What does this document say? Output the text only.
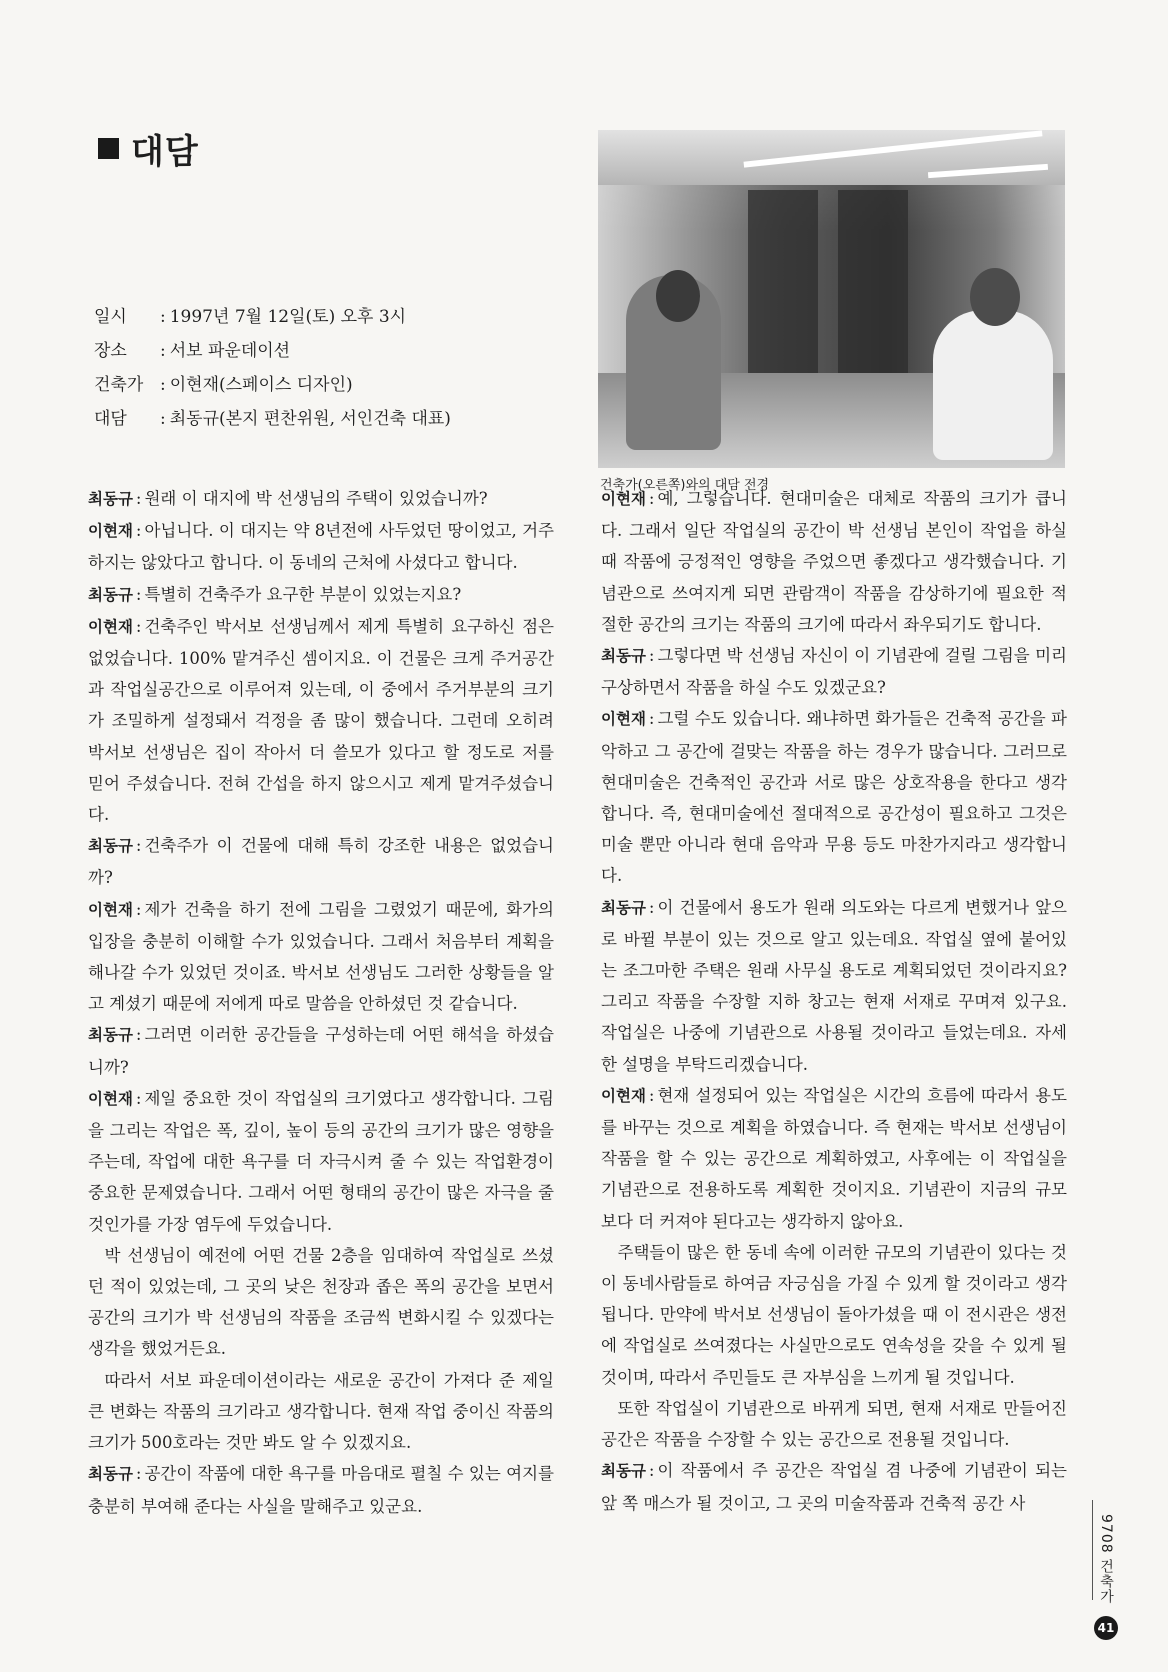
대담
일시	: 1997년 7월 12일(토) 오후 3시
장소	: 서보 파운데이션
건축가 : 이현재(스페이스 디자인)
대담	: 최동규(본지 편찬위원, 서인건축 대표)

건축가(오른쪽)와의 대담 전경

최동규 : 원래 이 대지에 박 선생님의 주택이 있었습니까?

이현재 : 아닙니다. 이 대지는 약 8년전에 사두었던 땅이었고, 거주하지는 않았다고 합니다. 이 동네의 근처에 사셨다고 합니다.

최동규 : 특별히 건축주가 요구한 부분이 있었는지요?

이현재 : 건축주인 박서보 선생님께서 제게 특별히 요구하신 점은 없었습니다. 100% 맡겨주신 셈이지요. 이 건물은 크게 주거공간과 작업실공간으로 이루어져 있는데, 이 중에서 주거부분의 크기가 조밀하게 설정돼서 걱정을 좀 많이 했습니다. 그런데 오히려 박서보 선생님은 집이 작아서 더 쓸모가 있다고 할 정도로 저를 믿어 주셨습니다. 전혀 간섭을 하지 않으시고 제게 맡겨주셨습니다.

최동규 : 건축주가 이 건물에 대해 특히 강조한 내용은 없었습니까?

이현재 : 제가 건축을 하기 전에 그림을 그렸었기 때문에, 화가의 입장을 충분히 이해할 수가 있었습니다. 그래서 처음부터 계획을 해나갈 수가 있었던 것이죠. 박서보 선생님도 그러한 상황들을 알고 계셨기 때문에 저에게 따로 말씀을 안하셨던 것 같습니다.

최동규 : 그러면 이러한 공간들을 구성하는데 어떤 해석을 하셨습니까?

이현재 : 제일 중요한 것이 작업실의 크기였다고 생각합니다. 그림을 그리는 작업은 폭, 깊이, 높이 등의 공간의 크기가 많은 영향을 주는데, 작업에 대한 욕구를 더 자극시켜 줄 수 있는 작업환경이 중요한 문제였습니다. 그래서 어떤 형태의 공간이 많은 자극을 줄 것인가를 가장 염두에 두었습니다.

박 선생님이 예전에 어떤 건물 2층을 임대하여 작업실로 쓰셨던 적이 있었는데, 그 곳의 낮은 천장과 좁은 폭의 공간을 보면서 공간의 크기가 박 선생님의 작품을 조금씩 변화시킬 수 있겠다는 생각을 했었거든요.

따라서 서보 파운데이션이라는 새로운 공간이 가져다 준 제일 큰 변화는 작품의 크기라고 생각합니다. 현재 작업 중이신 작품의 크기가 500호라는 것만 봐도 알 수 있겠지요.

최동규 : 공간이 작품에 대한 욕구를 마음대로 펼칠 수 있는 여지를 충분히 부여해 준다는 사실을 말해주고 있군요.

이현재 : 예, 그렇습니다. 현대미술은 대체로 작품의 크기가 큽니다. 그래서 일단 작업실의 공간이 박 선생님 본인이 작업을 하실 때 작품에 긍정적인 영향을 주었으면 좋겠다고 생각했습니다. 기념관으로 쓰여지게 되면 관람객이 작품을 감상하기에 필요한 적절한 공간의 크기는 작품의 크기에 따라서 좌우되기도 합니다.

최동규 : 그렇다면 박 선생님 자신이 이 기념관에 걸릴 그림을 미리 구상하면서 작품을 하실 수도 있겠군요?

이현재 : 그럴 수도 있습니다. 왜냐하면 화가들은 건축적 공간을 파악하고 그 공간에 걸맞는 작품을 하는 경우가 많습니다. 그러므로 현대미술은 건축적인 공간과 서로 많은 상호작용을 한다고 생각합니다. 즉, 현대미술에선 절대적으로 공간성이 필요하고 그것은 미술 뿐만 아니라 현대 음악과 무용 등도 마찬가지라고 생각합니다.

최동규 : 이 건물에서 용도가 원래 의도와는 다르게 변했거나 앞으로 바뀔 부분이 있는 것으로 알고 있는데요. 작업실 옆에 붙어있는 조그마한 주택은 원래 사무실 용도로 계획되었던 것이라지요? 그리고 작품을 수장할 지하 창고는 현재 서재로 꾸며져 있구요. 작업실은 나중에 기념관으로 사용될 것이라고 들었는데요. 자세한 설명을 부탁드리겠습니다.

이현재 : 현재 설정되어 있는 작업실은 시간의 흐름에 따라서 용도를 바꾸는 것으로 계획을 하였습니다. 즉 현재는 박서보 선생님이 작품을 할 수 있는 공간으로 계획하였고, 사후에는 이 작업실을 기념관으로 전용하도록 계획한 것이지요. 기념관이 지금의 규모보다 더 커져야 된다고는 생각하지 않아요.

주택들이 많은 한 동네 속에 이러한 규모의 기념관이 있다는 것이 동네사람들로 하여금 자긍심을 가질 수 있게 할 것이라고 생각됩니다. 만약에 박서보 선생님이 돌아가셨을 때 이 전시관은 생전에 작업실로 쓰여졌다는 사실만으로도 연속성을 갖을 수 있게 될 것이며, 따라서 주민들도 큰 자부심을 느끼게 될 것입니다.

또한 작업실이 기념관으로 바뀌게 되면, 현재 서재로 만들어진 공간은 작품을 수장할 수 있는 공간으로 전용될 것입니다.

최동규 : 이 작품에서 주 공간은 작업실 겸 나중에 기념관이 되는 앞 쪽 매스가 될 것이고, 그 곳의 미술작품과 건축적 공간 사

9708 건축가
41
